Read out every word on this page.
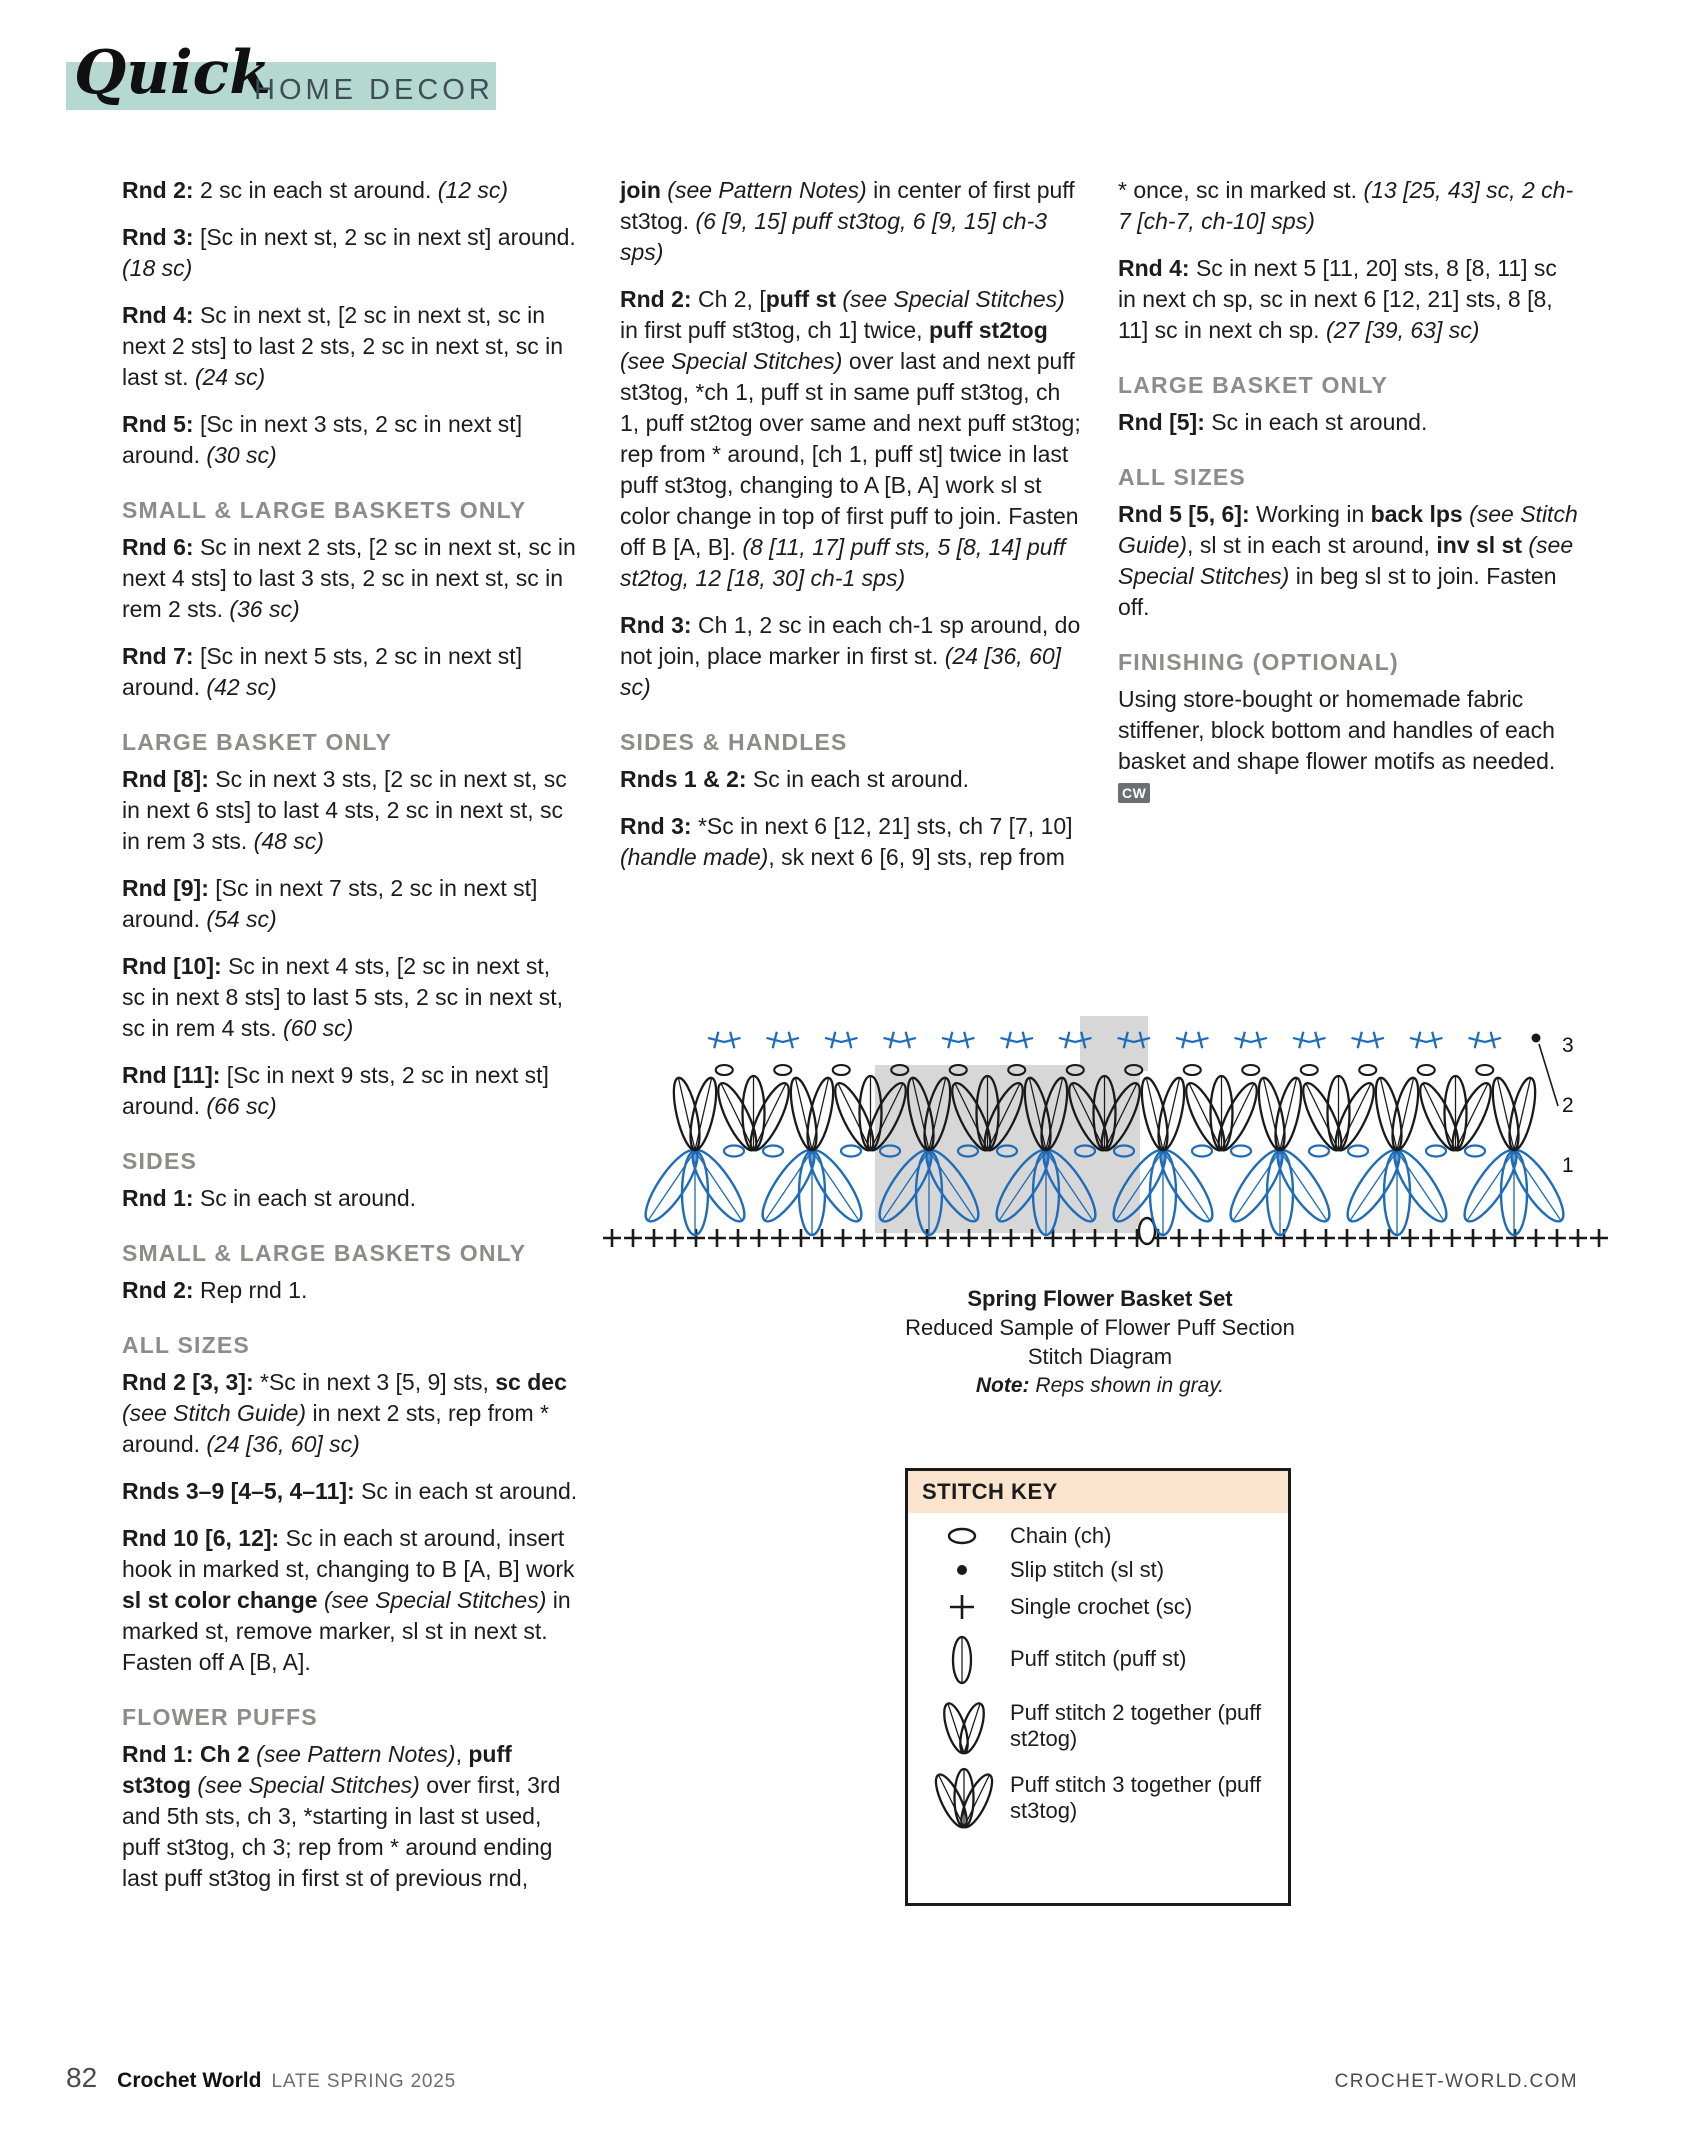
Quick
HOME DECOR

Rnd 2: 2 sc in each st around. (12 sc)

Rnd 3: [Sc in next st, 2 sc in next st] around. (18 sc)

Rnd 4: Sc in next st, [2 sc in next st, sc in next 2 sts] to last 2 sts, 2 sc in next st, sc in last st. (24 sc)

Rnd 5: [Sc in next 3 sts, 2 sc in next st] around. (30 sc)

SMALL & LARGE BASKETS ONLY

Rnd 6: Sc in next 2 sts, [2 sc in next st, sc in next 4 sts] to last 3 sts, 2 sc in next st, sc in rem 2 sts. (36 sc)

Rnd 7: [Sc in next 5 sts, 2 sc in next st] around. (42 sc)

LARGE BASKET ONLY

Rnd [8]: Sc in next 3 sts, [2 sc in next st, sc in next 6 sts] to last 4 sts, 2 sc in next st, sc in rem 3 sts. (48 sc)

Rnd [9]: [Sc in next 7 sts, 2 sc in next st] around. (54 sc)

Rnd [10]: Sc in next 4 sts, [2 sc in next st, sc in next 8 sts] to last 5 sts, 2 sc in next st, sc in rem 4 sts. (60 sc)

Rnd [11]: [Sc in next 9 sts, 2 sc in next st] around. (66 sc)

SIDES

Rnd 1: Sc in each st around.

SMALL & LARGE BASKETS ONLY

Rnd 2: Rep rnd 1.

ALL SIZES

Rnd 2 [3, 3]: *Sc in next 3 [5, 9] sts, sc dec (see Stitch Guide) in next 2 sts, rep from * around. (24 [36, 60] sc)

Rnds 3–9 [4–5, 4–11]: Sc in each st around.

Rnd 10 [6, 12]: Sc in each st around, insert hook in marked st, changing to B [A, B] work sl st color change (see Special Stitches) in marked st, remove marker, sl st in next st. Fasten off A [B, A].

FLOWER PUFFS

Rnd 1: Ch 2 (see Pattern Notes), puff st3tog (see Special Stitches) over first, 3rd and 5th sts, ch 3, *starting in last st used, puff st3tog, ch 3; rep from * around ending last puff st3tog in first st of previous rnd,

join (see Pattern Notes) in center of first puff st3tog. (6 [9, 15] puff st3tog, 6 [9, 15] ch-3 sps)

Rnd 2: Ch 2, [puff st (see Special Stitches) in first puff st3tog, ch 1] twice, puff st2tog (see Special Stitches) over last and next puff st3tog, *ch 1, puff st in same puff st3tog, ch 1, puff st2tog over same and next puff st3tog; rep from * around, [ch 1, puff st] twice in last puff st3tog, changing to A [B, A] work sl st color change in top of first puff to join. Fasten off B [A, B]. (8 [11, 17] puff sts, 5 [8, 14] puff st2tog, 12 [18, 30] ch-1 sps)

Rnd 3: Ch 1, 2 sc in each ch-1 sp around, do not join, place marker in first st. (24 [36, 60] sc)

SIDES & HANDLES

Rnds 1 & 2: Sc in each st around.

Rnd 3: *Sc in next 6 [12, 21] sts, ch 7 [7, 10] (handle made), sk next 6 [6, 9] sts, rep from

* once, sc in marked st. (13 [25, 43] sc, 2 ch-7 [ch-7, ch-10] sps)

Rnd 4: Sc in next 5 [11, 20] sts, 8 [8, 11] sc in next ch sp, sc in next 6 [12, 21] sts, 8 [8, 11] sc in next ch sp. (27 [39, 63] sc)

LARGE BASKET ONLY

Rnd [5]: Sc in each st around.

ALL SIZES

Rnd 5 [5, 6]: Working in back lps (see Stitch Guide), sl st in each st around, inv sl st (see Special Stitches) in beg sl st to join. Fasten off.

FINISHING (OPTIONAL)

Using store-bought or homemade fabric stiffener, block bottom and handles of each basket and shape flower motifs as needed. CW

1
2
3
Spring Flower Basket Set
Reduced Sample of Flower Puff Section
Stitch Diagram
Note: Reps shown in gray.
STITCH KEY
Chain (ch)
Slip stitch (sl st)
Single crochet (sc)
Puff stitch (puff st)
Puff stitch 2 together (puff st2tog)
Puff stitch 3 together (puff st3tog)
82 Crochet World LATE SPRING 2025	CROCHET-WORLD.COM
